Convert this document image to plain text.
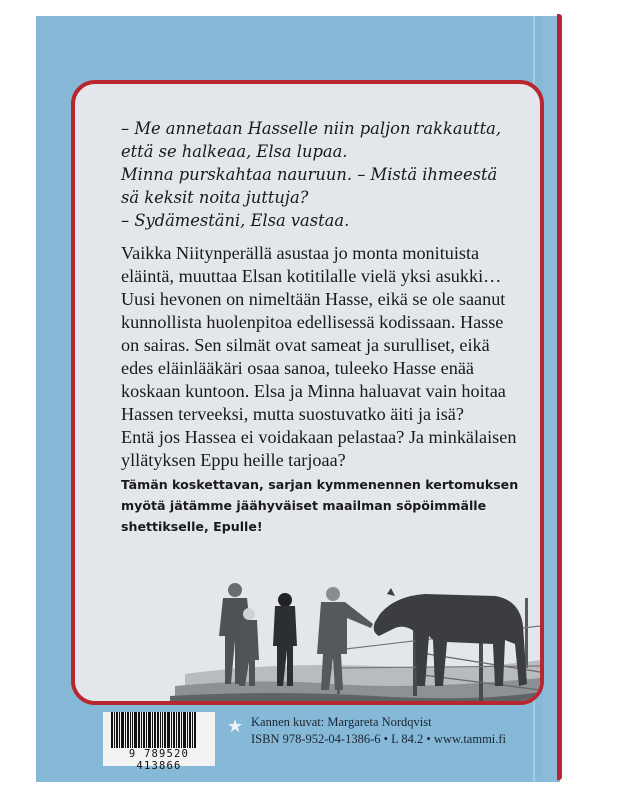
– Me annetaan Hasselle niin paljon rakkautta,
että se halkeaa, Elsa lupaa.
Minna purskahtaa nauruun. – Mistä ihmeestä
sä keksit noita juttuja?
– Sydämestäni, Elsa vastaa.
Vaikka Niitynperällä asustaa jo monta monituista
eläintä, muuttaa Elsan kotitilalle vielä yksi asukki…
Uusi hevonen on nimeltään Hasse, eikä se ole saanut
kunnollista huolenpitoa edellisessä kodissaan. Hasse
on sairas. Sen silmät ovat sameat ja surulliset, eikä
edes eläinlääkäri osaa sanoa, tuleeko Hasse enää
koskaan kuntoon. Elsa ja Minna haluavat vain hoitaa
Hassen terveeksi, mutta suostuvatko äiti ja isä?
Entä jos Hassea ei voidakaan pelastaa? Ja minkälaisen
yllätyksen Eppu heille tarjoaa?
Tämän koskettavan, sarjan kymmenennen kertomuksen
myötä jätämme jäähyväiset maailman söpöimmälle
shettikselle, Epulle!
9 789520 413866
★ Kannen kuvat: Margareta Nordqvist
ISBN 978-952-04-1386-6 • L 84.2 • www.tammi.fi
